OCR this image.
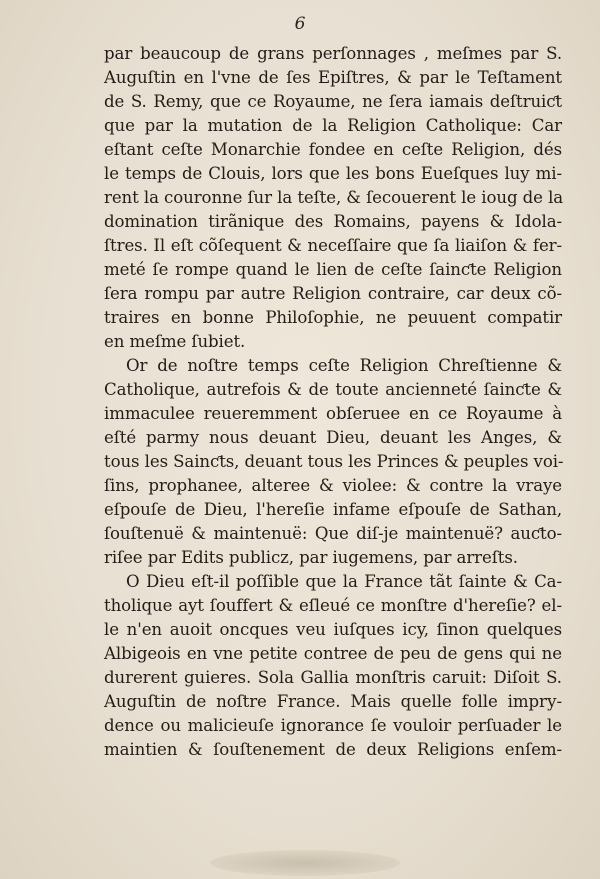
6
par beaucoup de grans perſonnages , meſmes par S.
Auguſtin en l'vne de ſes Epiſtres, & par le Teſtament
de S. Remy, que ce Royaume, ne ſera iamais deſtruiƈt
que par la mutation de la Religion Catholique: Car
eſtant ceſte Monarchie fondee en ceſte Religion, dés
le temps de Clouis, lors que les bons Eueſques luy mi-
rent la couronne ſur la teſte, & ſecouerent le ioug de la
domination tirãnique des Romains, payens & Idola-
ſtres. Il eſt cõſequent & neceſſaire que ſa liaiſon & fer-
meté ſe rompe quand le lien de ceſte ſainƈte Religion
ſera rompu par autre Religion contraire, car deux cõ-
traires en bonne Philoſophie, ne peuuent compatir
en meſme ſubiet.
Or de noſtre temps ceſte Religion Chreſtienne &
Catholique, autrefois & de toute ancienneté ſainƈte &
immaculee reueremment obſeruee en ce Royaume à
eſté parmy nous deuant Dieu, deuant les Anges, &
tous les Sainƈts, deuant tous les Princes & peuples voi-
ſins, prophanee, alteree & violee: & contre la vraye
eſpouſe de Dieu, l'hereſie infame eſpouſe de Sathan,
ſouſtenuë & maintenuë: Que diſ-je maintenuë? auƈto-
riſee par Edits publicz, par iugemens, par arreſts.
O Dieu eſt-il poſſible que la France tãt ſainte & Ca-
tholique ayt ſouffert & eſleué ce monſtre d'hereſie? el-
le n'en auoit oncques veu iuſques icy, ſinon quelques
Albigeois en vne petite contree de peu de gens qui ne
durerent guieres. Sola Gallia monſtris caruit: Diſoit S.
Auguſtin de noſtre France. Mais quelle folle imprу-
dence ou malicieuſe ignorance ſe vouloir perſuader le
maintien & ſouſtenement de deux Religions enſem-
